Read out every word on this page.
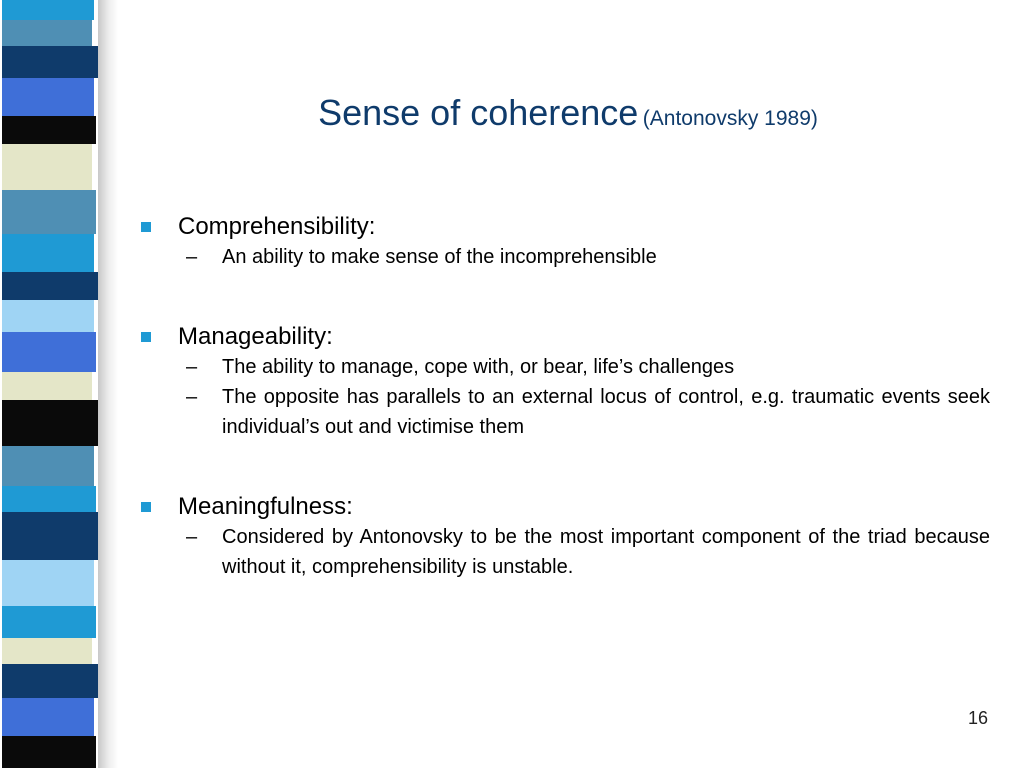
Sense of coherence (Antonovsky 1989)
Comprehensibility:
– An ability to make sense of the incomprehensible
Manageability:
– The ability to manage, cope with, or bear, life’s challenges
– The opposite has parallels to an external locus of control, e.g. traumatic events seek individual’s out and victimise them
Meaningfulness:
– Considered by Antonovsky to be the most important component of the triad because without it, comprehensibility is unstable.
16
